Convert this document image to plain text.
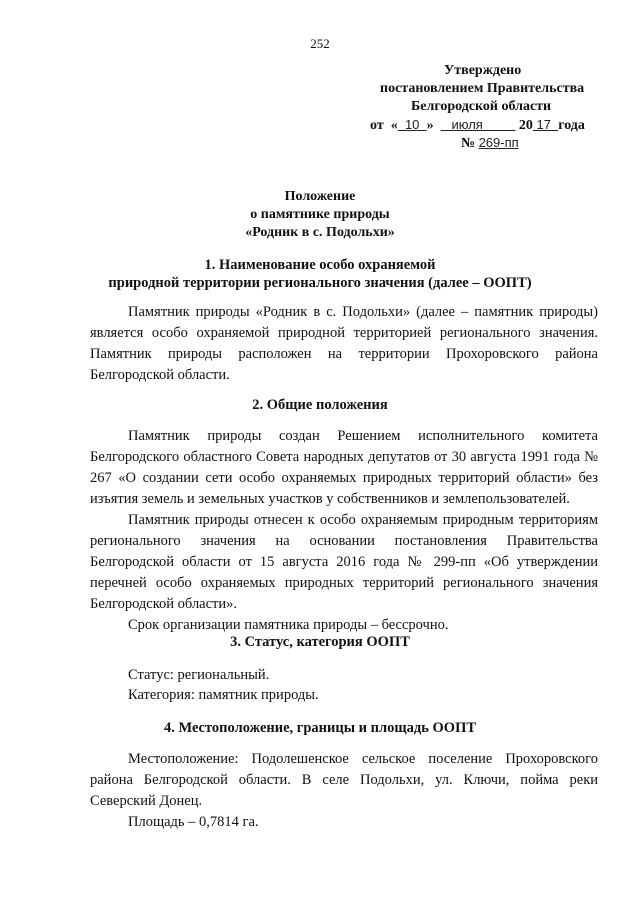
252
Утверждено
постановлением Правительства
Белгородской области
от  « 10 »     июля	20 17 года
№ 269-пп
Положение
о памятнике природы
«Родник в с. Подольхи»
1. Наименование особо охраняемой
природной территории регионального значения (далее – ООПТ)

Памятник природы «Родник в с. Подольхи» (далее – памятник природы) является особо охраняемой природной территорией регионального значения. Памятник природы расположен на территории Прохоровского района Белгородской области.

2. Общие положения

Памятник природы создан Решением исполнительного комитета Белгородского областного Совета народных депутатов от 30 августа 1991 года № 267 «О создании сети особо охраняемых природных территорий области» без изъятия земель и земельных участков у собственников и землепользователей.

Памятник природы отнесен к особо охраняемым природным территориям регионального значения на основании постановления Правительства Белгородской области от 15 августа 2016 года № 299-пп «Об утверждении перечней особо охраняемых природных территорий регионального значения Белгородской области».

Срок организации памятника природы – бессрочно.

3. Статус, категория ООПТ
Статус: региональный.
Категория: памятник природы.
4. Местоположение, границы и площадь ООПТ

Местоположение: Подолешенское сельское поселение Прохоровского района Белгородской области. В селе Подольхи, ул. Ключи, пойма реки Северский Донец.

Площадь – 0,7814 га.
